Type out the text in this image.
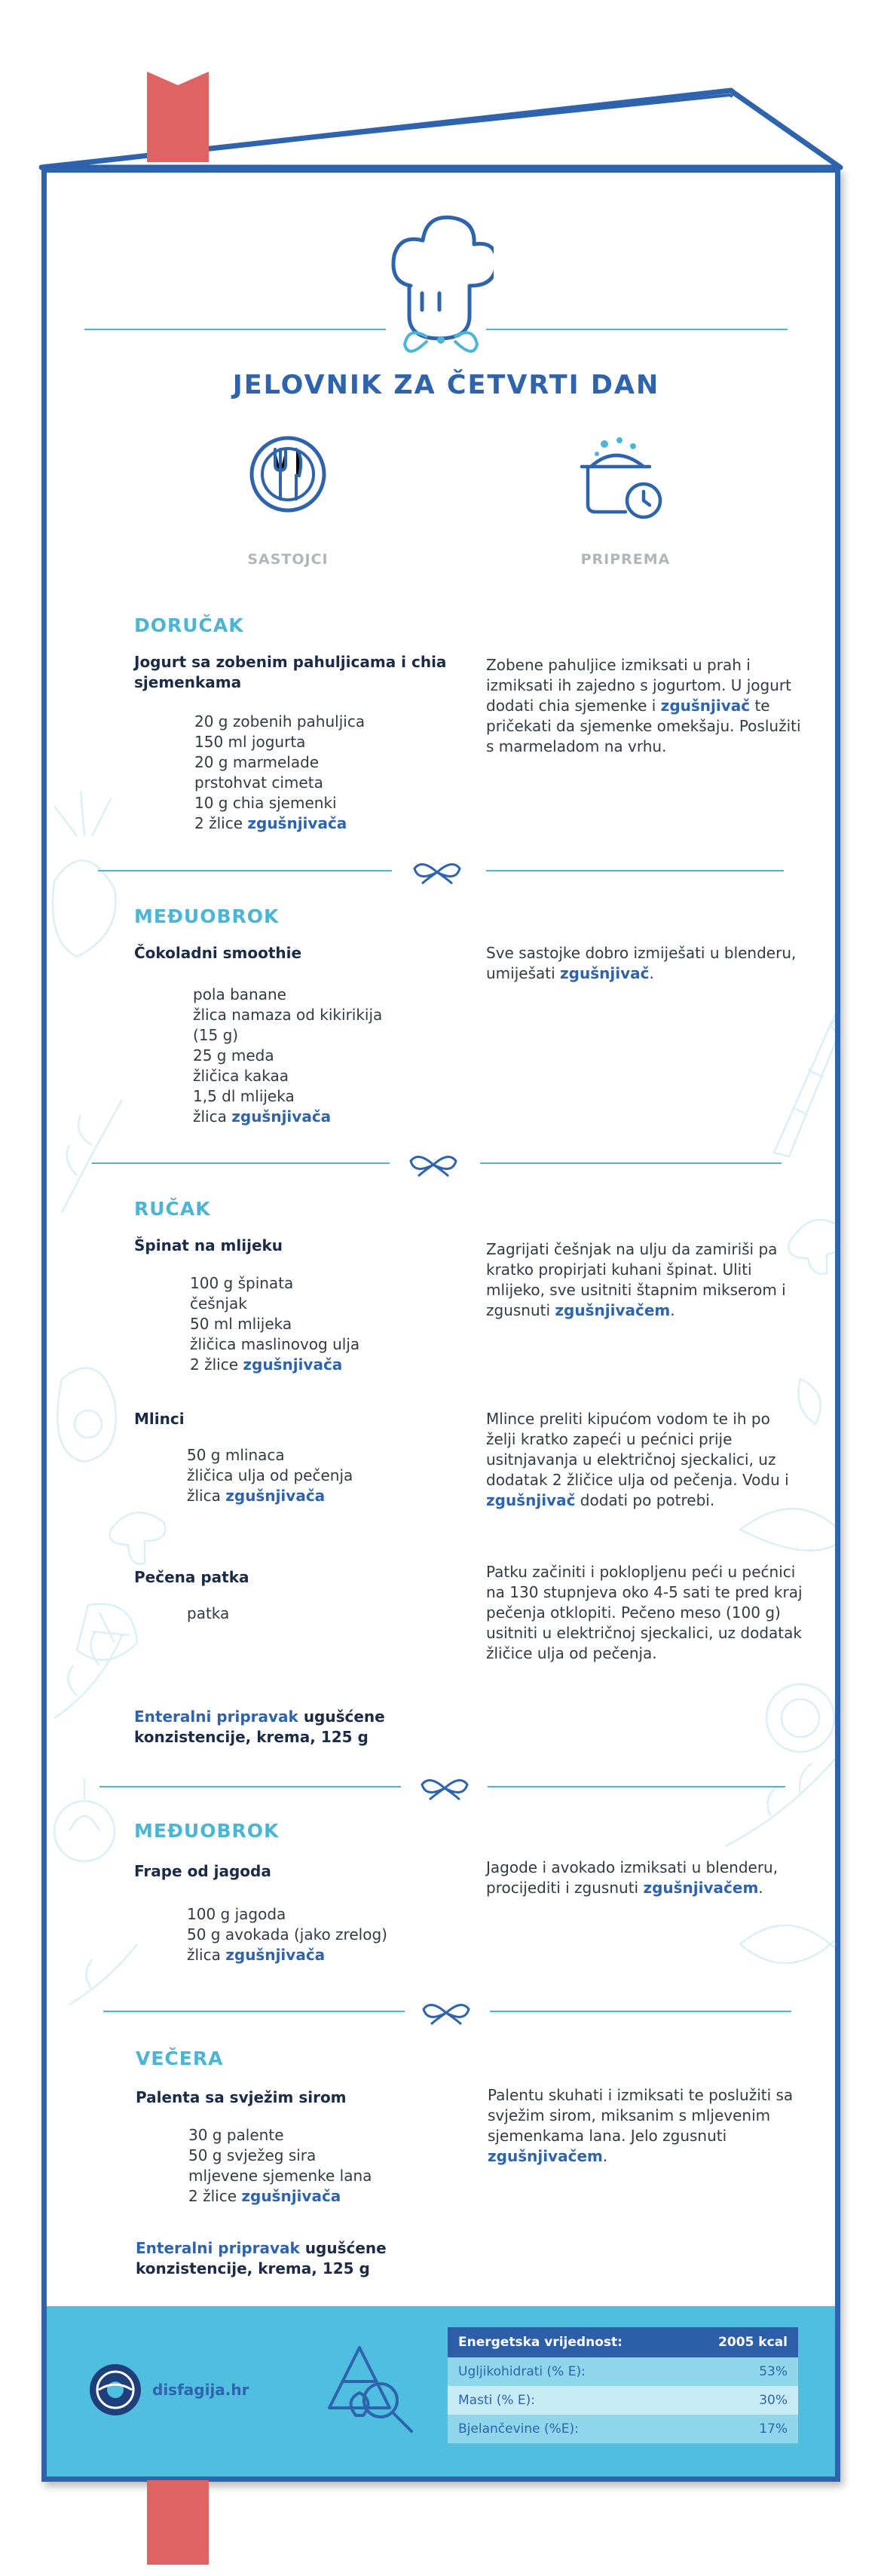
JELOVNIK ZA ČETVRTI DAN
SASTOJCI	PRIPREMA
DORUČAK
Jogurt sa zobenim pahuljicama i chia sjemenkama

20 g zobenih pahuljica

150 ml jogurta

20 g marmelade

prstohvat cimeta

10 g chia sjemenki

2 žlice zgušnjivača

Zobene pahuljice izmiksati u prah i izmiksati ih zajedno s jogurtom. U jogurt dodati chia sjemenke i zgušnjivač te pričekati da sjemenke omekšaju. Poslužiti s marmeladom na vrhu.
MEĐUOBROK
Čokoladni smoothie

pola banane

žlica namaza od kikirikija

(15 g)

25 g meda

žličica kakaa

1,5 dl mlijeka

žlica zgušnjivača

Sve sastojke dobro izmiješati u blenderu, umiješati zgušnjivač.
RUČAK
Špinat na mlijeku

100 g špinata

češnjak

50 ml mlijeka

žličica maslinovog ulja

2 žlice zgušnjivača

Zagrijati češnjak na ulju da zamiriši pa kratko propirjati kuhani špinat. Uliti mlijeko, sve usitniti štapnim mikserom i zgusnuti zgušnjivačem.
Mlinci

50 g mlinaca

žličica ulja od pečenja

žlica zgušnjivača

Mlince preliti kipućom vodom te ih po želji kratko zapeći u pećnici prije usitnjavanja u električnoj sjeckalici, uz dodatak 2 žličice ulja od pečenja. Vodu i zgušnjivač dodati po potrebi.
Pečena patka

patka

Patku začiniti i poklopljenu peći u pećnici na 130 stupnjeva oko 4-5 sati te pred kraj pečenja otklopiti. Pečeno meso (100 g) usitniti u električnoj sjeckalici, uz dodatak žličice ulja od pečenja.
Enteralni pripravak ugušćene konzistencije, krema, 125 g
MEĐUOBROK
Frape od jagoda

100 g jagoda

50 g avokada (jako zrelog)

žlica zgušnjivača

Jagode i avokado izmiksati u blenderu, procijediti i zgusnuti zgušnjivačem.
VEČERA
Palenta sa svježim sirom

30 g palente

50 g svježeg sira

mljevene sjemenke lana

2 žlice zgušnjivača

Palentu skuhati i izmiksati te poslužiti sa svježim sirom, miksanim s mljevenim sjemenkama lana. Jelo zgusnuti zgušnjivačem.
Enteralni pripravak ugušćene konzistencije, krema, 125 g
disfagija.hr
Energetska vrijednost:	2005 kcal
Ugljikohidrati (% E):	53%
Masti (% E):	30%
Bjelančevine (%E):	17%
